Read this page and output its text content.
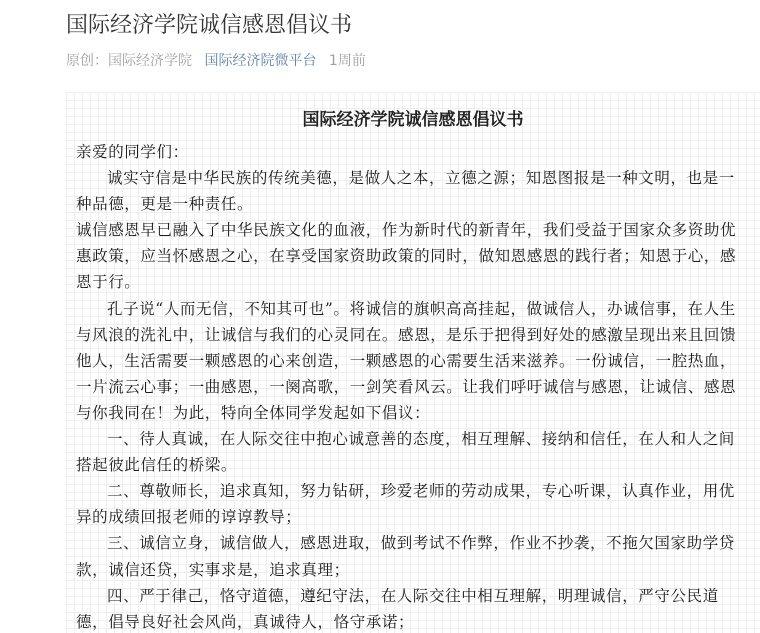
国际经济学院诚信感恩倡议书
原创：国际经济学院 国际经济院微平台 1周前
国际经济学院诚信感恩倡议书

亲爱的同学们：

诚实守信是中华民族的传统美德，是做人之本，立德之源；知恩图报是一种文明，也是一种品德，更是一种责任。

诚信感恩早已融入了中华民族文化的血液，作为新时代的新青年，我们受益于国家众多资助优惠政策，应当怀感恩之心，在享受国家资助政策的同时，做知恩感恩的践行者；知恩于心，感恩于行。

孔子说“人而无信，不知其可也”。将诚信的旗帜高高挂起，做诚信人，办诚信事，在人生与风浪的洗礼中，让诚信与我们的心灵同在。感恩，是乐于把得到好处的感激呈现出来且回馈他人，生活需要一颗感恩的心来创造，一颗感恩的心需要生活来滋养。一份诚信，一腔热血，一片流云心事；一曲感恩，一阕高歌，一剑笑看风云。让我们呼吁诚信与感恩，让诚信、感恩与你我同在！为此，特向全体同学发起如下倡议：

一、待人真诚，在人际交往中抱心诚意善的态度，相互理解、接纳和信任，在人和人之间搭起彼此信任的桥梁。

二、尊敬师长，追求真知，努力钻研，珍爱老师的劳动成果，专心听课，认真作业，用优异的成绩回报老师的谆谆教导；

三、诚信立身，诚信做人，感恩进取，做到考试不作弊，作业不抄袭，不拖欠国家助学贷款，诚信还贷，实事求是，追求真理；

四、严于律己，恪守道德，遵纪守法，在人际交往中相互理解，明理诚信，严守公民道德，倡导良好社会风尚，真诚待人，恪守承诺；
